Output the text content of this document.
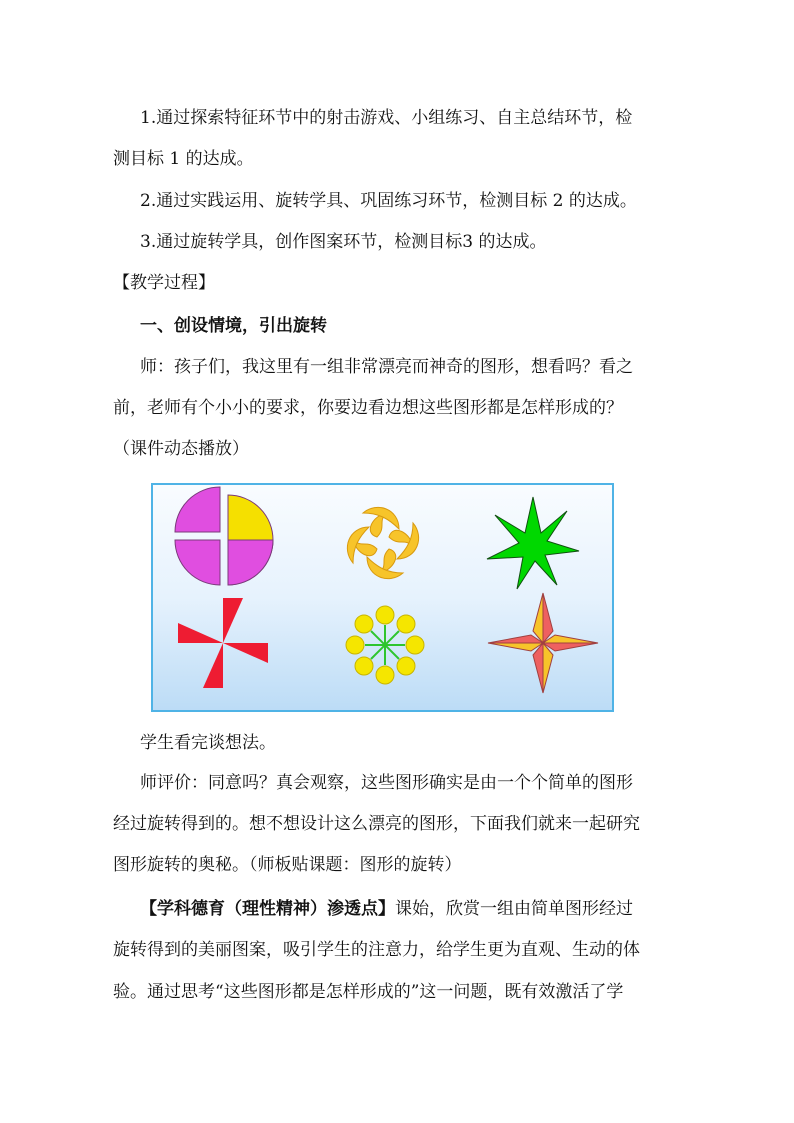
1.通过探索特征环节中的射击游戏、小组练习、自主总结环节，检
测目标 1 的达成。
2.通过实践运用、旋转学具、巩固练习环节，检测目标 2 的达成。
3.通过旋转学具，创作图案环节，检测目标3 的达成。
【教学过程】
一、创设情境，引出旋转
师：孩子们，我这里有一组非常漂亮而神奇的图形，想看吗？看之
前，老师有个小小的要求，你要边看边想这些图形都是怎样形成的？
（课件动态播放）
学生看完谈想法。
师评价：同意吗？真会观察，这些图形确实是由一个个简单的图形
经过旋转得到的。想不想设计这么漂亮的图形，下面我们就来一起研究
图形旋转的奥秘。（师板贴课题：图形的旋转）
【学科德育（理性精神）渗透点】课始，欣赏一组由简单图形经过
旋转得到的美丽图案，吸引学生的注意力，给学生更为直观、生动的体
验。通过思考“这些图形都是怎样形成的”这一问题，既有效激活了学
